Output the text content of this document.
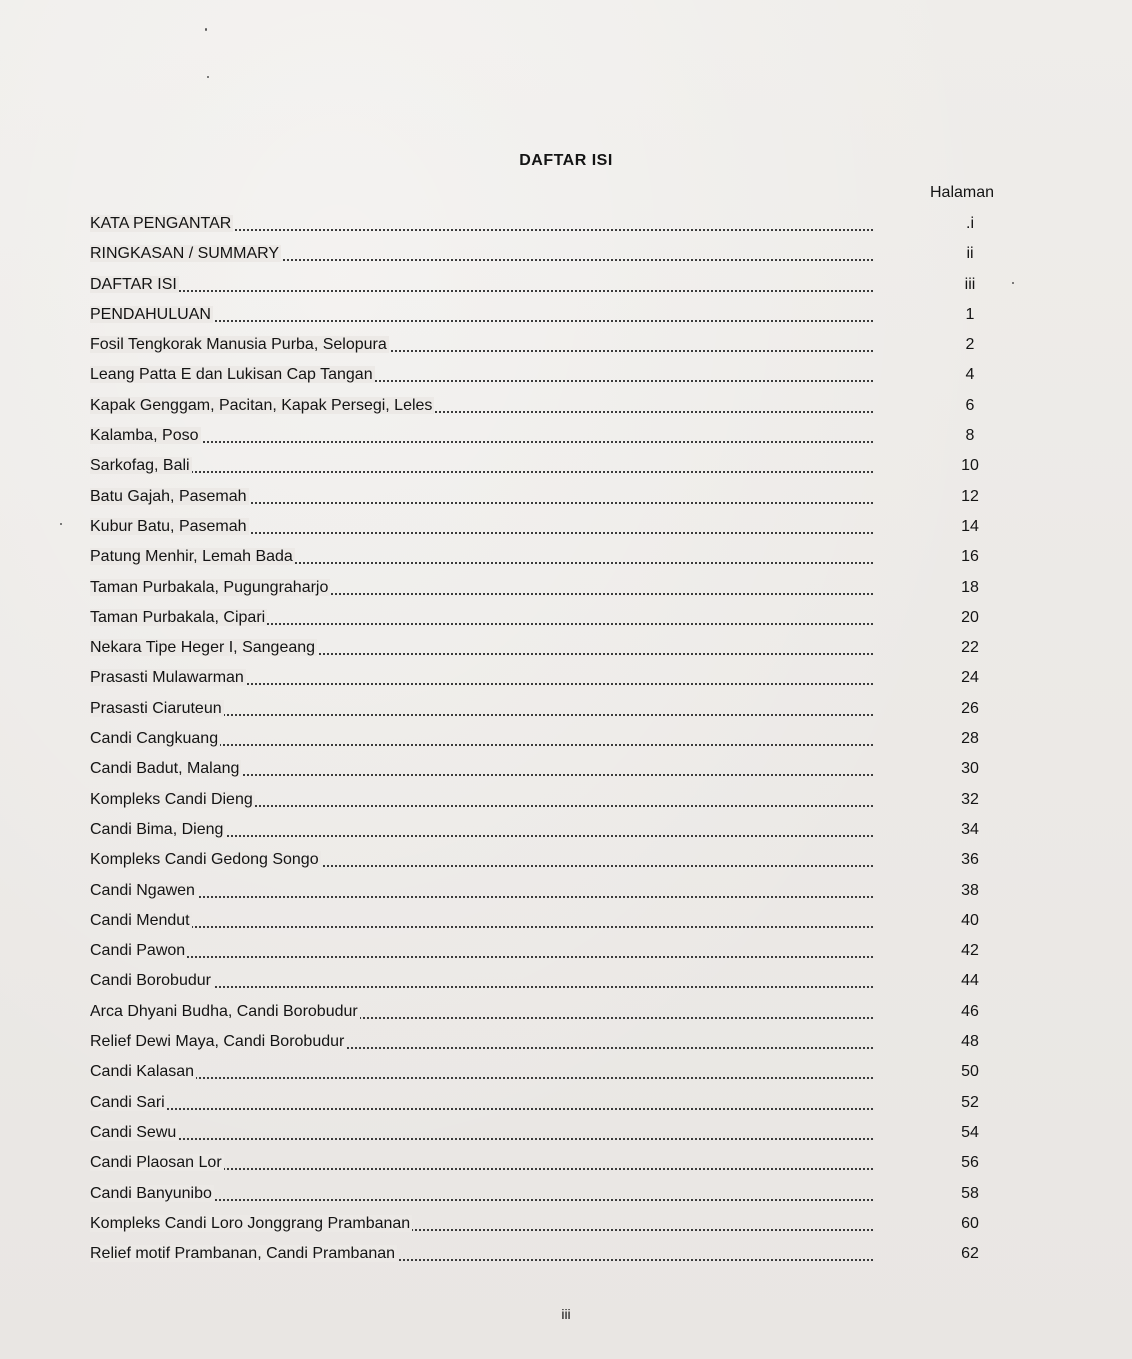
DAFTAR ISI
Halaman
KATA PENGANTAR	.i
RINGKASAN / SUMMARY	ii
DAFTAR ISI	iii
PENDAHULUAN	1
Fosil Tengkorak Manusia Purba, Selopura	2
Leang Patta E dan Lukisan Cap Tangan	4
Kapak Genggam, Pacitan, Kapak Persegi, Leles	6
Kalamba, Poso	8
Sarkofag, Bali	10
Batu Gajah, Pasemah	12
Kubur Batu, Pasemah	14
Patung Menhir, Lemah Bada	16
Taman Purbakala, Pugungraharjo	18
Taman Purbakala, Cipari	20
Nekara Tipe Heger I, Sangeang	22
Prasasti Mulawarman	24
Prasasti Ciaruteun	26
Candi Cangkuang	28
Candi Badut, Malang	30
Kompleks Candi Dieng	32
Candi Bima, Dieng	34
Kompleks Candi Gedong Songo	36
Candi Ngawen	38
Candi Mendut	40
Candi Pawon	42
Candi Borobudur	44
Arca Dhyani Budha, Candi Borobudur	46
Relief Dewi Maya, Candi Borobudur	48
Candi Kalasan	50
Candi Sari	52
Candi Sewu	54
Candi Plaosan Lor	56
Candi Banyunibo	58
Kompleks Candi Loro Jonggrang Prambanan	60
Relief motif Prambanan, Candi Prambanan	62
iii
